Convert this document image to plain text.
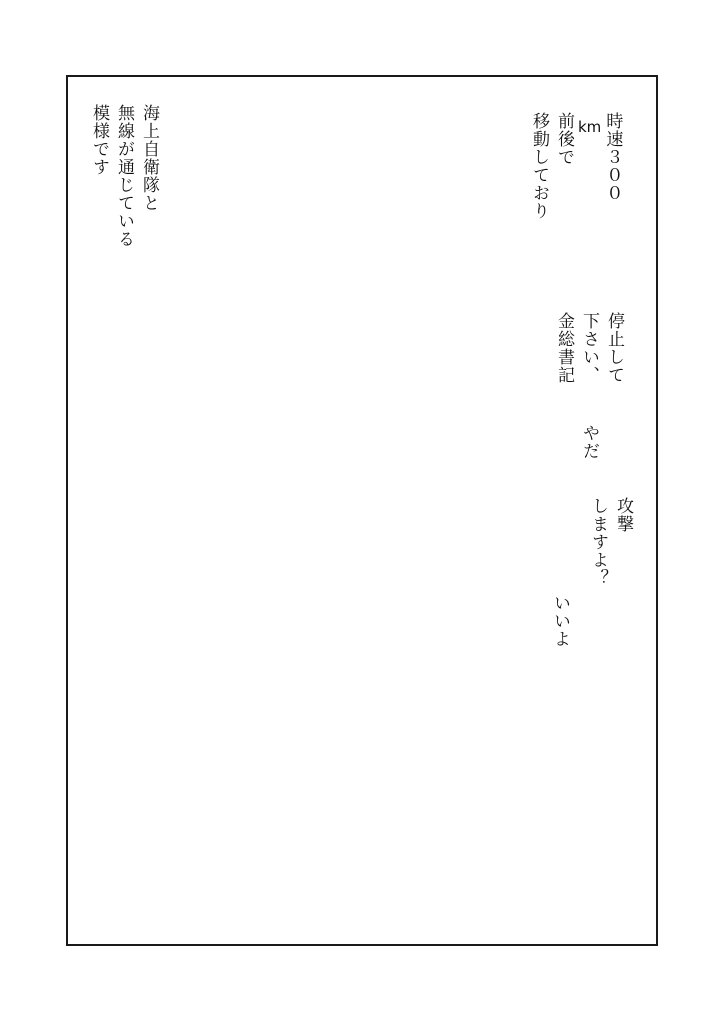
時速３００
km
前後で
移動しており
停止して
下さい、
金総書記
やだ
攻撃
しますよ？
いいよ
海上自衛隊と
無線が通じている
模様です
